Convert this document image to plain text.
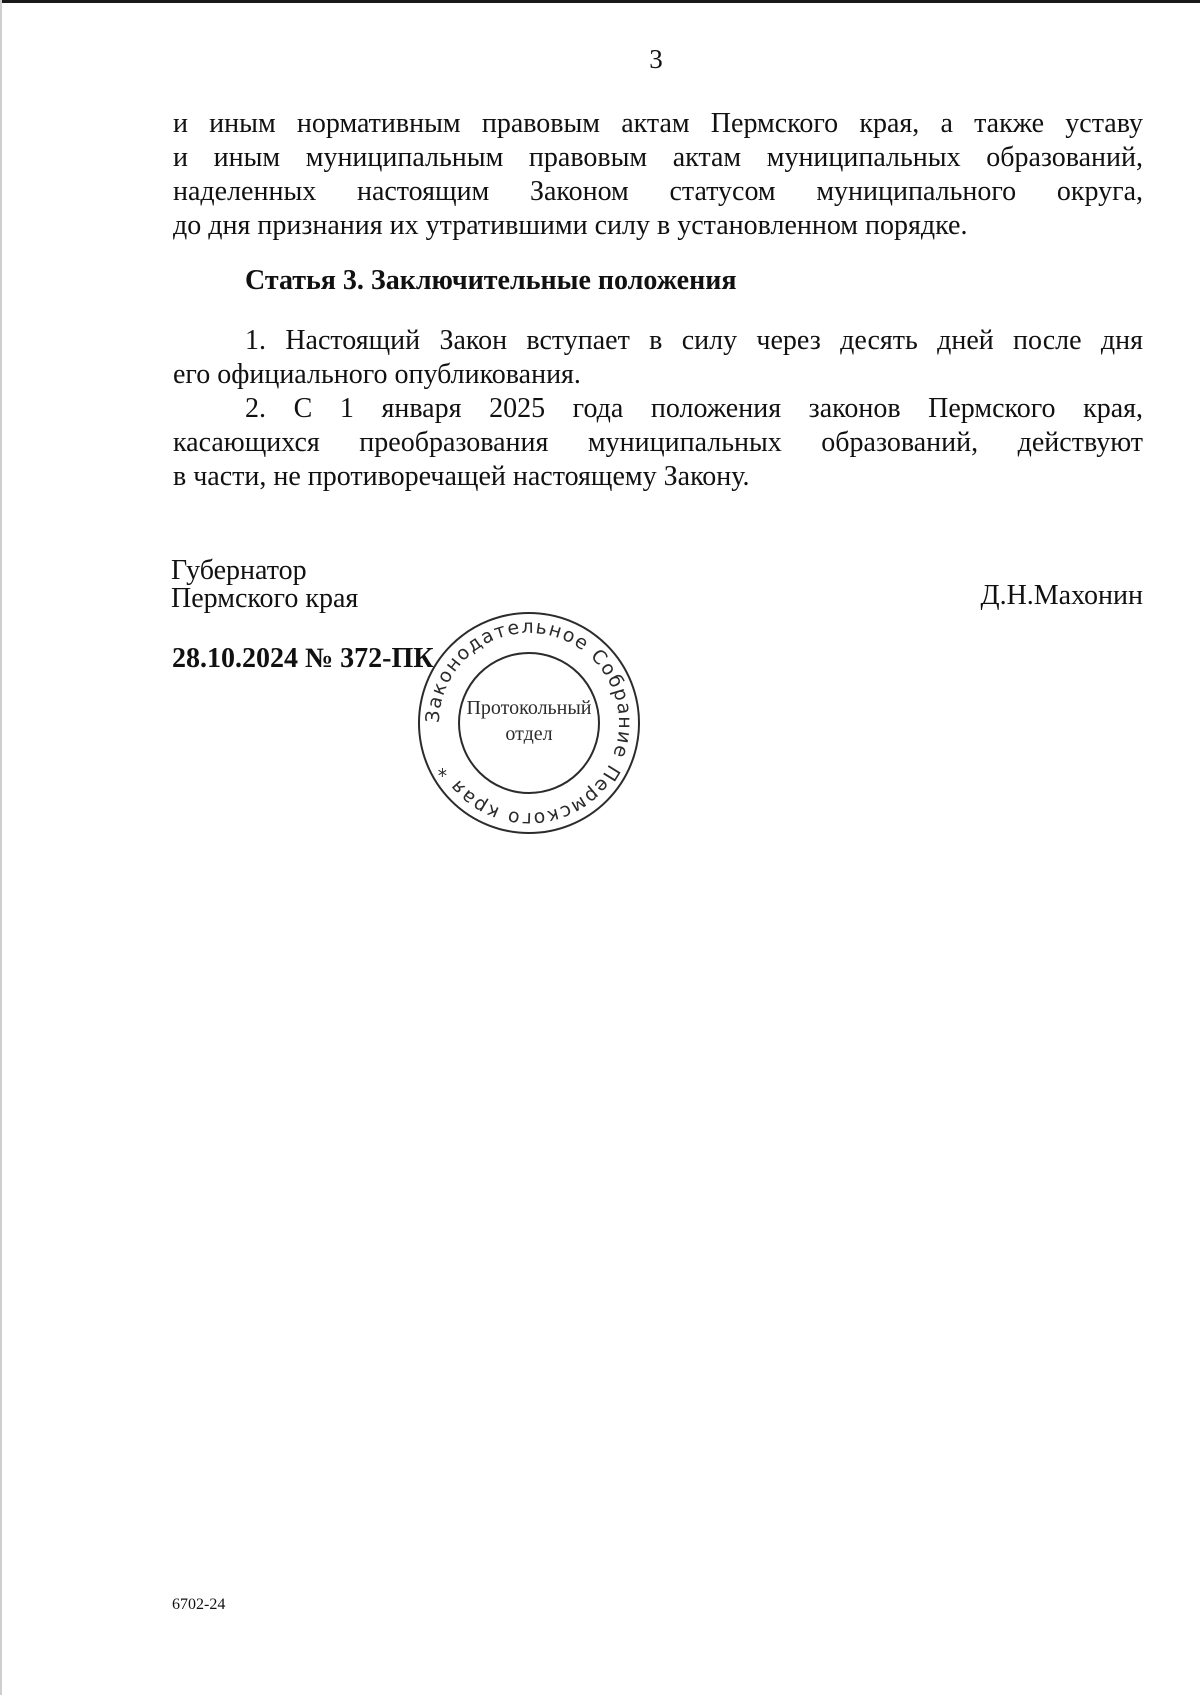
3

и иным нормативным правовым актам Пермского края, а также уставу
и иным муниципальным правовым актам муниципальных образований,
наделенных настоящим Законом статусом муниципального округа,
до дня признания их утратившими силу в установленном порядке.

Статья 3. Заключительные положения

1. Настоящий Закон вступает в силу через десять дней после дня
его официального опубликования.

2. С 1 января 2025 года положения законов Пермского края,
касающихся преобразования муниципальных образований, действуют
в части, не противоречащей настоящему Закону.

Губернатор
Пермского края	Д.Н.Махонин
28.10.2024 № 372-ПК
Законодательное Собрание Пермского края *
Протокольный
отдел
6702-24
